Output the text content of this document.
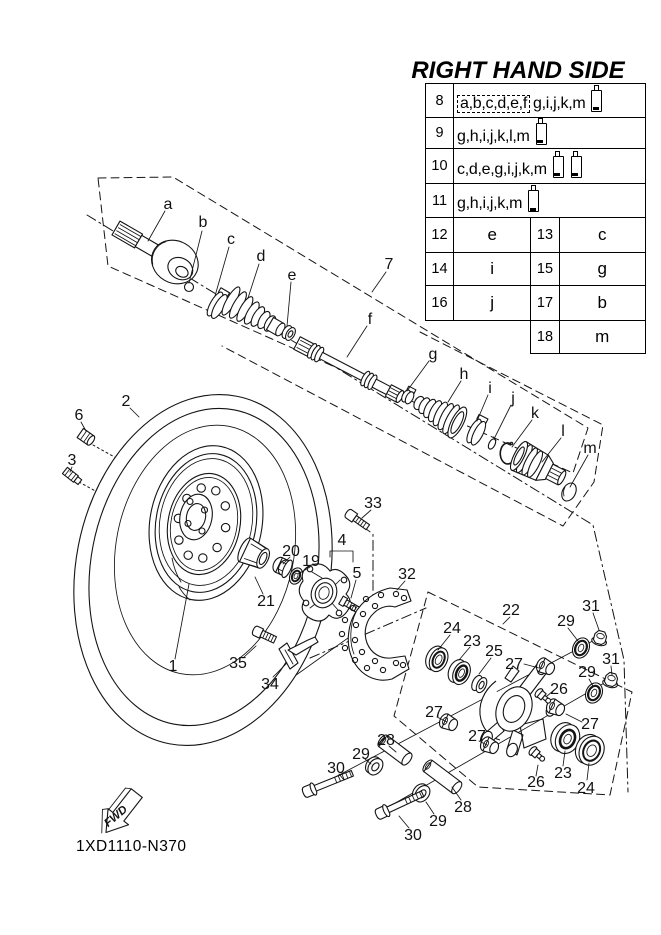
RIGHT HAND SIDE
8	a,b,c,d,e,f g,i,j,k,m		
9	g,h,i,j,k,l,m		
10	c,d,e,g,i,j,k,m		
11	g,h,i,j,k,m		
12	e	13	c
14	i	15	g
16	j	17	b
		18	m
FWD
a
b
c
d
e
f
7
g
h
i
j
k
l
m
2
6
3
1
21
20
19
4
5
33
32
35
34
22
24
23
25
27
29
31
31
29
26
27
27
27
26
23
24
28
29
30
28
29
30
1XD1110-N370
